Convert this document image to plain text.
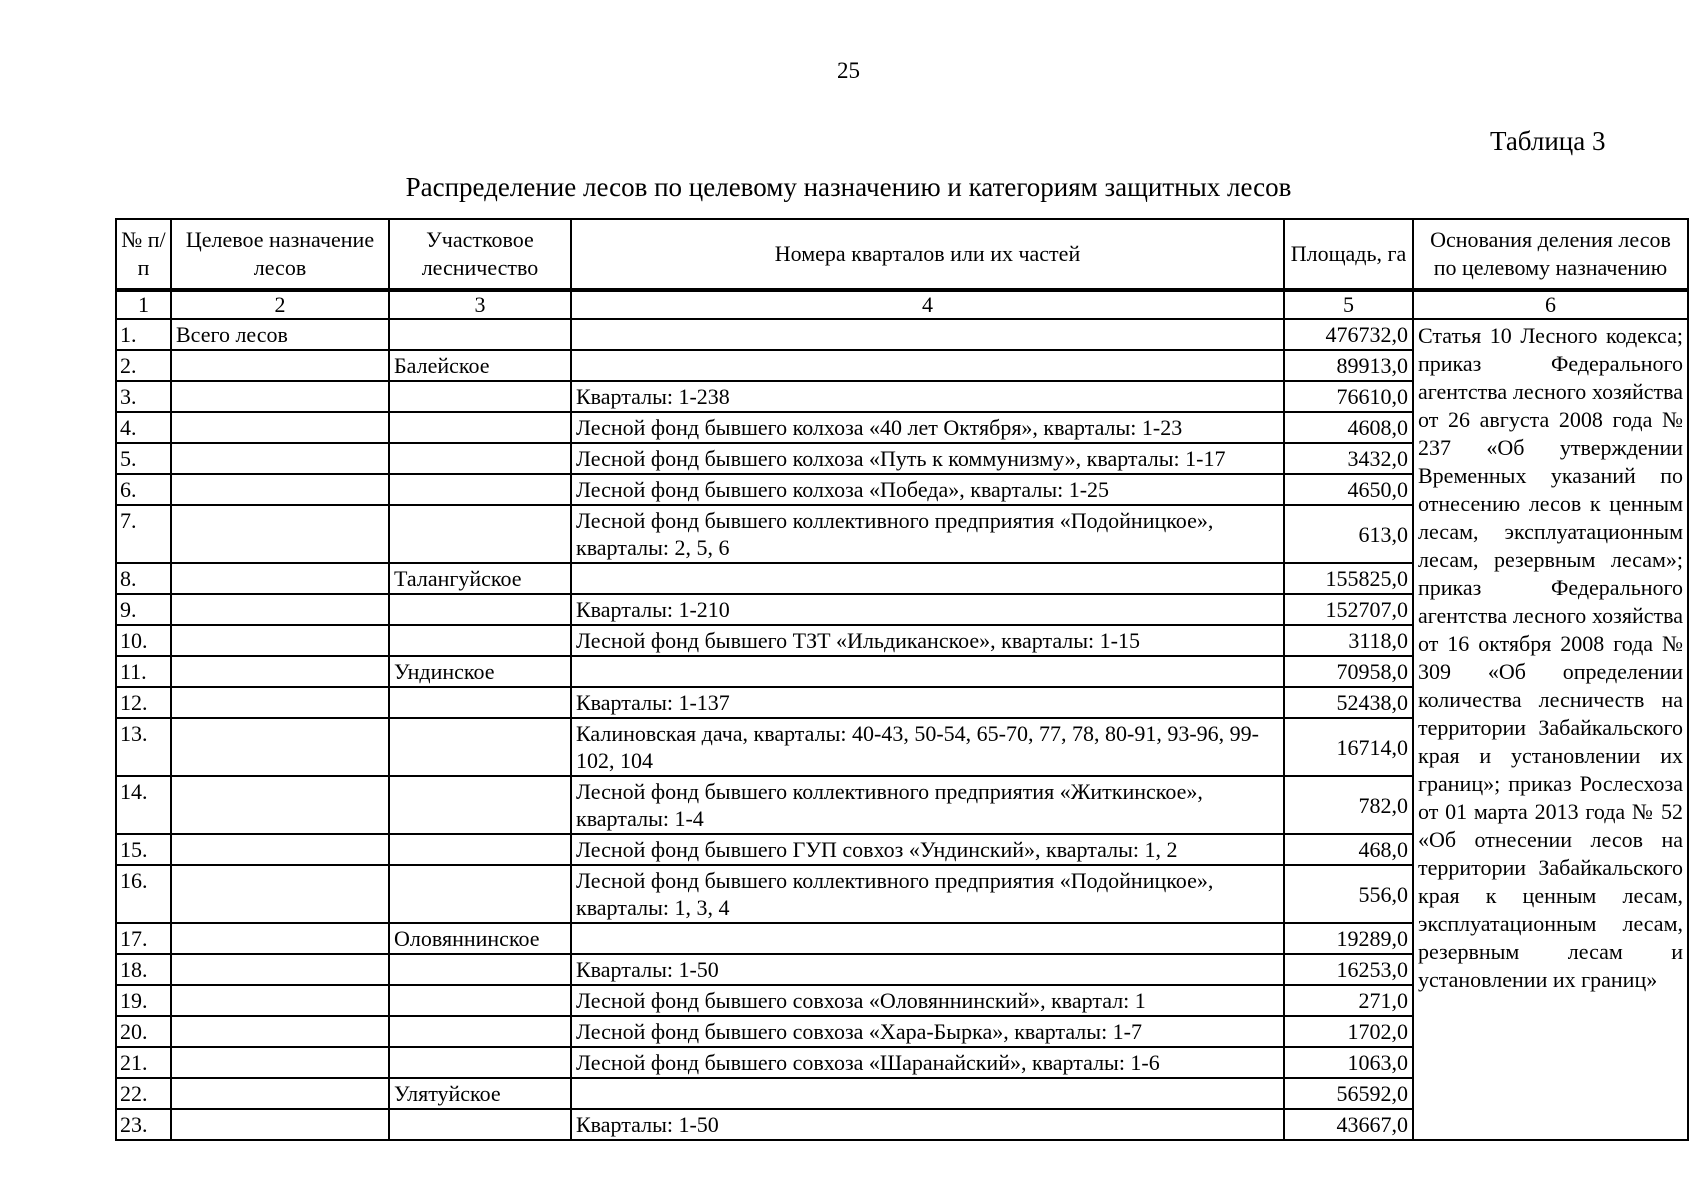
25
Таблица 3
Распределение лесов по целевому назначению и категориям защитных лесов
№ п/п	Целевое назначение лесов	Участковое лесничество	Номера кварталов или их частей	Площадь, га	Основания деления лесов по целевому назначению
1	2	3	4	5	6
1.	Всего лесов			476732,0	Статья 10 Лесного кодекса; приказ Федерального агентства лесного хозяйства от 26 августа 2008 года № 237 «Об утверждении Временных указаний по отнесению лесов к ценным лесам, эксплуатационным лесам, резервным лесам»; приказ Федерального агентства лесного хозяйства от 16 октября 2008 года № 309 «Об определении количества лесничеств на территории Забайкальского края и установлении их границ»; приказ Рослесхоза от 01 марта 2013 года № 52 «Об отнесении лесов на территории Забайкальского края к ценным лесам, эксплуатационным лесам, резервным лесам и установлении их границ»
2.		Балейское		89913,0	
3.			Кварталы: 1-238	76610,0	
4.			Лесной фонд бывшего колхоза «40 лет Октября», кварталы: 1-23	4608,0	
5.			Лесной фонд бывшего колхоза «Путь к коммунизму», кварталы: 1-17	3432,0	
6.			Лесной фонд бывшего колхоза «Победа», кварталы: 1-25	4650,0	
7.			Лесной фонд бывшего коллективного предприятия «Подойницкое», кварталы: 2, 5, 6	613,0	
8.		Талангуйское		155825,0	
9.			Кварталы: 1-210	152707,0	
10.			Лесной фонд бывшего ТЗТ «Ильдиканское», кварталы: 1-15	3118,0	
11.		Ундинское		70958,0	
12.			Кварталы: 1-137	52438,0	
13.			Калиновская дача, кварталы: 40-43, 50-54, 65-70, 77, 78, 80-91, 93-96, 99-102, 104	16714,0	
14.			Лесной фонд бывшего коллективного предприятия «Житкинское», кварталы: 1-4	782,0	
15.			Лесной фонд бывшего ГУП совхоз «Ундинский», кварталы: 1, 2	468,0	
16.			Лесной фонд бывшего коллективного предприятия «Подойницкое», кварталы: 1, 3, 4	556,0	
17.		Оловяннинское		19289,0	
18.			Кварталы: 1-50	16253,0	
19.			Лесной фонд бывшего совхоза «Оловяннинский», квартал: 1	271,0	
20.			Лесной фонд бывшего совхоза «Хара-Бырка», кварталы: 1-7	1702,0	
21.			Лесной фонд бывшего совхоза «Шаранайский», кварталы: 1-6	1063,0	
22.		Улятуйское		56592,0	
23.			Кварталы: 1-50	43667,0	
